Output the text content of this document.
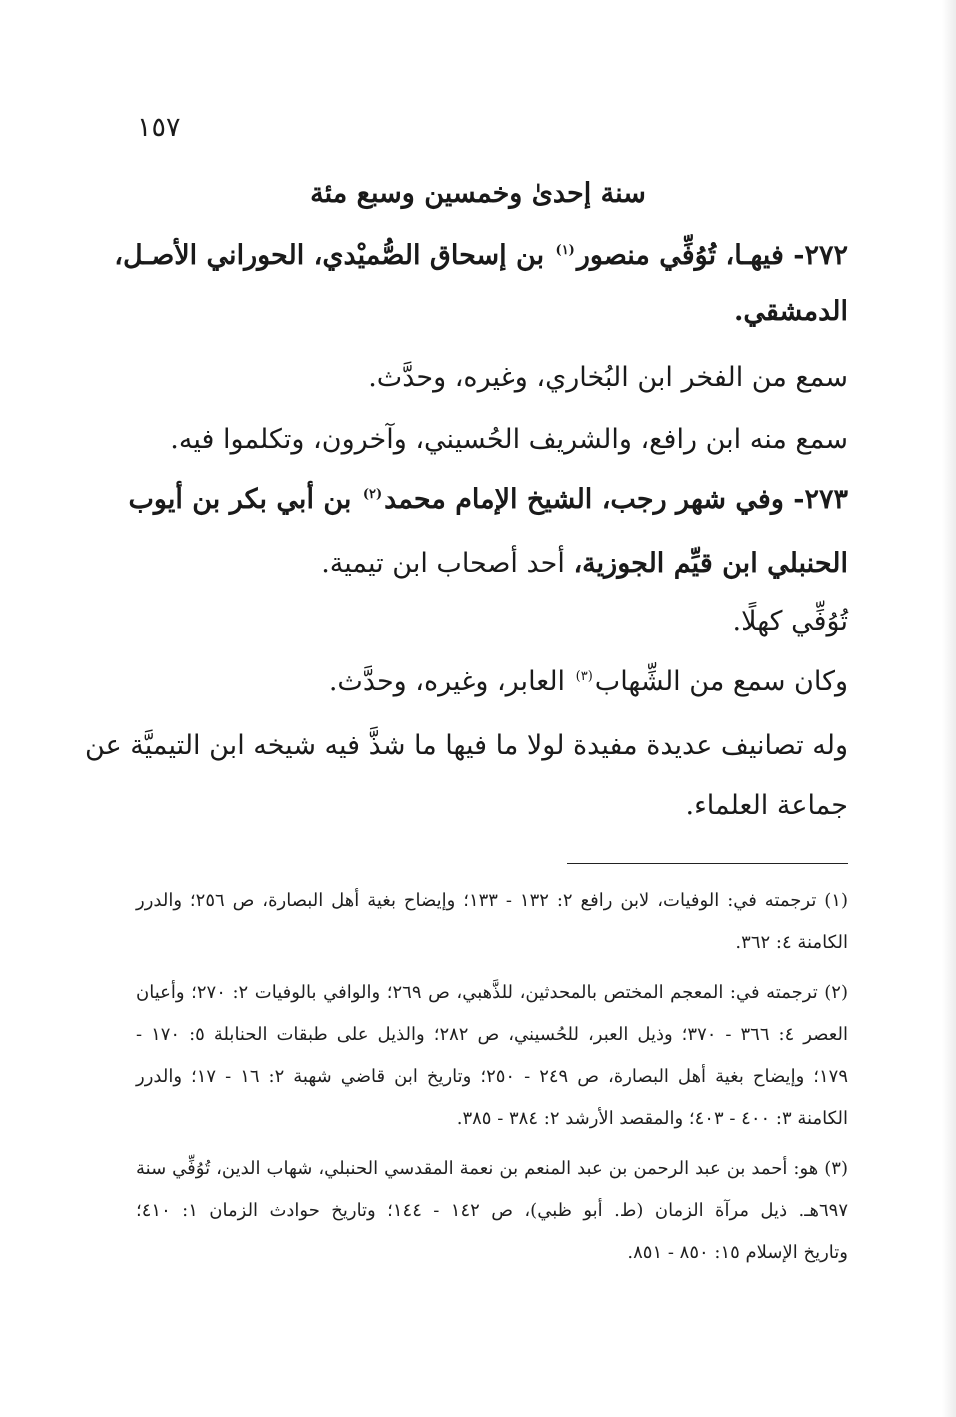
١٥٧
سنة إحدىٰ وخمسين وسبع مئة

٢٧٢- فيهـا، تُوُفِّي منصور$^{(١)}$ بن إسحاق الصُّميْدي، الحوراني الأصـل،

الدمشقي.

سمع من الفخر ابن البُخاري، وغيره، وحدَّث.

سمع منه ابن رافع، والشريف الحُسيني، وآخرون، وتكلموا فيه.

٢٧٣- وفي شهر رجب، الشيخ الإمام محمد$^{(٢)}$ بن أبي بكر بن أيوب

الحنبلي ابن قيِّم الجوزية، أحد أصحاب ابن تيمية.

تُوُفِّي كهلًا.

وكان سمع من الشِّهاب$^{(٣)}$ العابر، وغيره، وحدَّث.

وله تصانيف عديدة مفيدة لولا ما فيها ما شذَّ فيه شيخه ابن التيميَّة عن

جماعة العلماء.

(١) ترجمته في: الوفيات، لابن رافع ٢: ١٣٢ - ١٣٣؛ وإيضاح بغية أهل البصارة، ص ٢٥٦؛ والدرر

الكامنة ٤: ٣٦٢.

(٢) ترجمته في: المعجم المختص بالمحدثين، للذَّهبي، ص ٢٦٩؛ والوافي بالوفيات ٢: ٢٧٠؛ وأعيان

العصر ٤: ٣٦٦ - ٣٧٠؛ وذيل العبر، للحُسيني، ص ٢٨٢؛ والذيل على طبقات الحنابلة ٥: ١٧٠ -

١٧٩؛ وإيضاح بغية أهل البصارة، ص ٢٤٩ - ٢٥٠؛ وتاريخ ابن قاضي شهبة ٢: ١٦ - ١٧؛ والدرر

الكامنة ٣: ٤٠٠ - ٤٠٣؛ والمقصد الأرشد ٢: ٣٨٤ - ٣٨٥.

(٣) هو: أحمد بن عبد الرحمن بن عبد المنعم بن نعمة المقدسي الحنبلي، شهاب الدين، تُوُفِّي سنة

٦٩٧هـ. ذيل مرآة الزمان (ط. أبو ظبي)، ص ١٤٢ - ١٤٤؛ وتاريخ حوادث الزمان ١: ٤١٠؛

وتاريخ الإسلام ١٥: ٨٥٠ - ٨٥١.
